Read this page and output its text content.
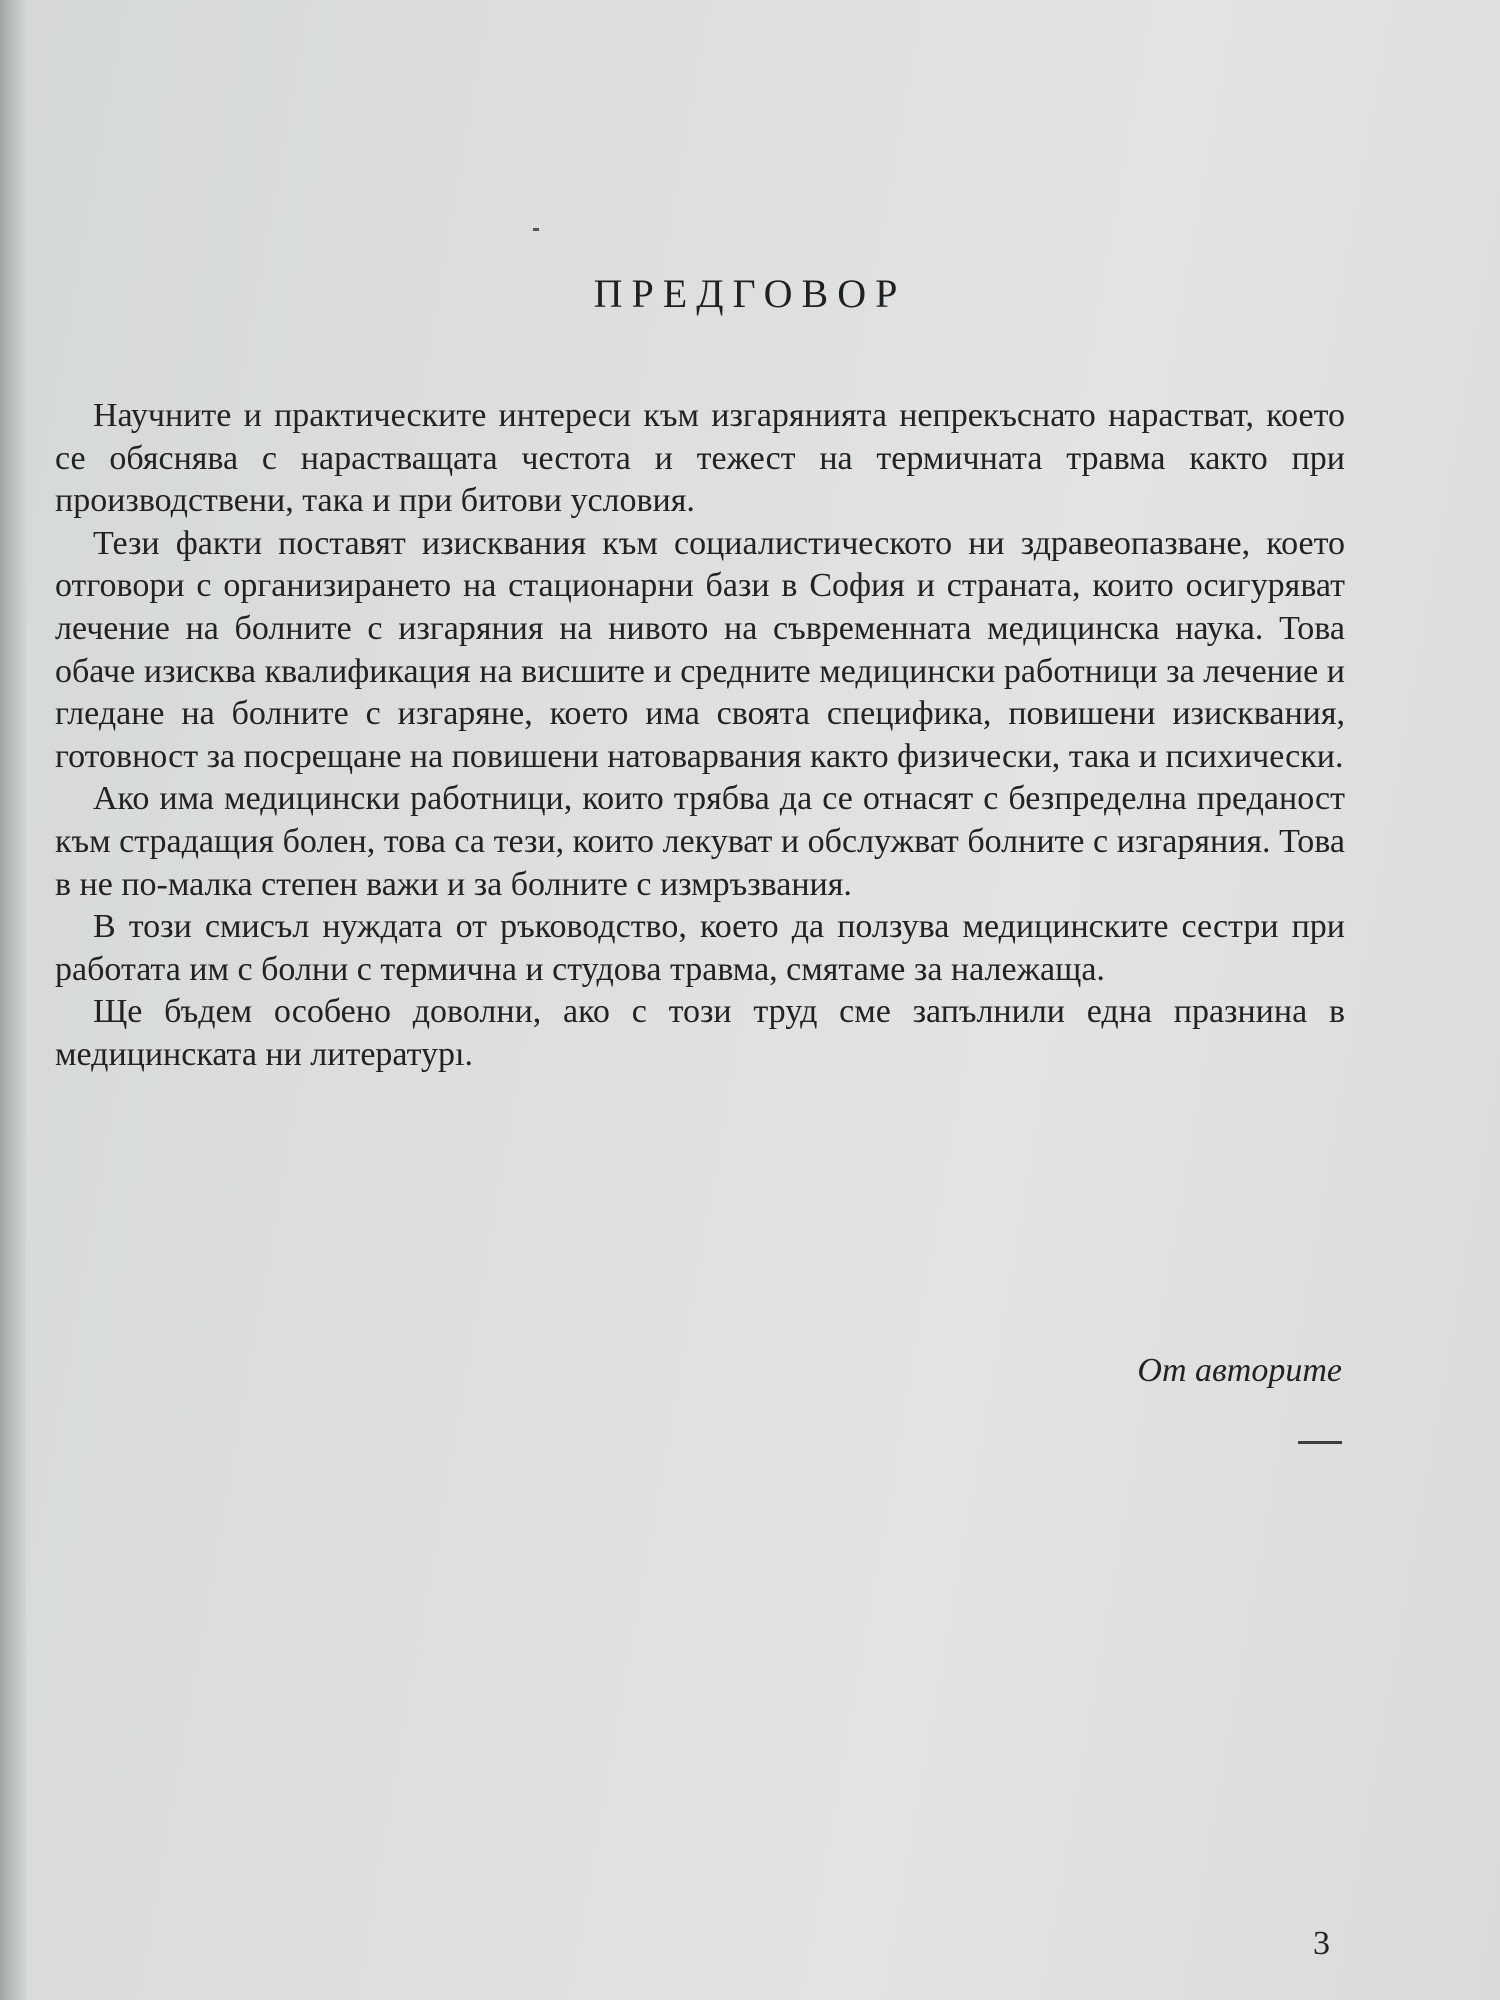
ПРЕДГОВОР

Научните и практическите интереси към изгарянията непрекъснато нарастват, което се обяснява с нарастващата честота и тежест на термичната травма както при производствени, така и при битови условия.

Тези факти поставят изисквания към социалистическото ни здравеопазване, което отговори с организирането на стационарни бази в София и страната, които осигуряват лечение на болните с изгаряния на нивото на съвременната медицинска наука. Това обаче изисква квалификация на висшите и средните медицински работници за лечение и гледане на болните с изгаряне, което има своята специфика, повишени изисквания, готовност за посрещане на повишени натоварвания както физически, така и психически.

Ако има медицински работници, които трябва да се отнасят с безпределна преданост към страдащия болен, това са тези, които лекуват и обслужват болните с изгаряния. Това в не по-малка степен важи и за болните с измръзвания.

В този смисъл нуждата от ръководство, което да ползува медицинските сестри при работата им с болни с термична и студова травма, смятаме за належаща.

Ще бъдем особено доволни, ако с този труд сме запълнили една празнина в медицинската ни литературı.

От авторите

3
